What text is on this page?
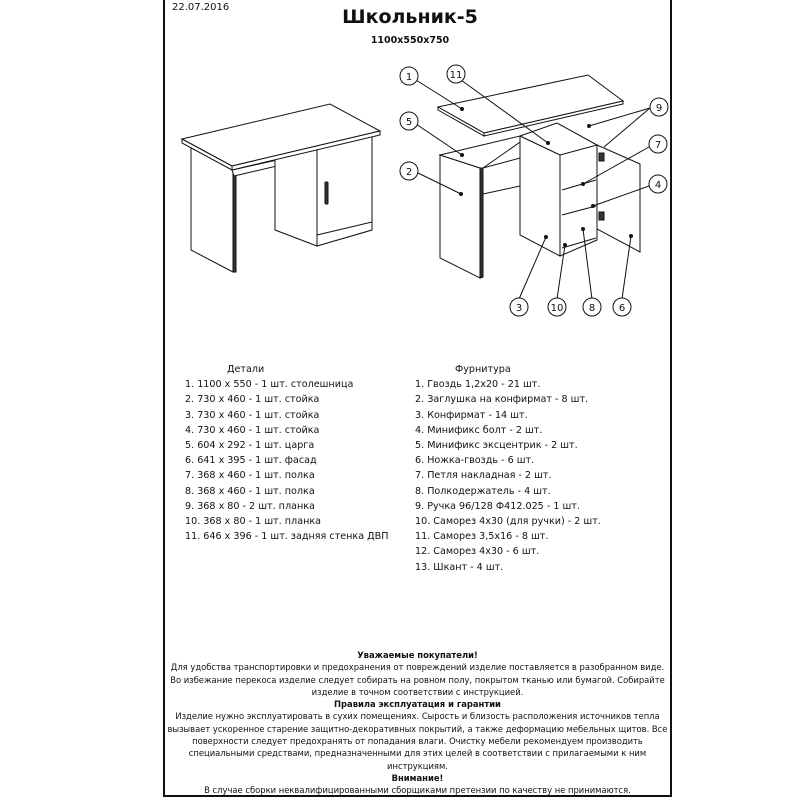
22.07.2016	Школьник-5
1100x550x750
1	11
9
5
7
2
4
3	10	8 6
Детали
1. 1100 x 550 - 1 шт. столешница
2. 730 x 460 - 1 шт. стойка
3. 730 x 460 - 1 шт. стойка
4. 730 x 460 - 1 шт. стойка
5. 604 x 292 - 1 шт. царга
6. 641 x 395 - 1 шт. фасад
7. 368 x 460 - 1 шт. полка
8. 368 x 460 - 1 шт. полка
9. 368 x 80 - 2 шт. планка
10. 368 x 80 - 1 шт. планка
11. 646 x 396 - 1 шт. задняя стенка ДВП
Фурнитура
1. Гвоздь 1,2x20 - 21 шт.
2. Заглушка на конфирмат - 8 шт.
3. Конфирмат - 14 шт.
4. Минификс болт - 2 шт.
5. Минификс эксцентрик - 2 шт.
6. Ножка-гвоздь - 6 шт.
7. Петля накладная - 2 шт.
8. Полкодержатель - 4 шт.
9. Ручка 96/128 Ф412.025 - 1 шт.
10. Саморез 4x30 (для ручки) - 2 шт.
11. Саморез 3,5x16 - 8 шт.
12. Саморез 4x30 - 6 шт.
13. Шкант - 4 шт.
Уважаемые покупатели!
Для удобства транспортировки и предохранения от повреждений изделие поставляется в разобранном виде. Во избежание перекоса изделие следует собирать на ровном полу, покрытом тканью или бумагой. Собирайте изделие в точном соответствии с инструкцией.
Правила эксплуатация и гарантии
Изделие нужно эксплуатировать в сухих помещениях. Сырость и близость расположения источников тепла вызывает ускоренное старение защитно-декоративных покрытий, а также деформацию мебельных щитов. Все поверхности следует предохранять от попадания влаги. Очистку мебели рекомендуем производить специальными средствами, предназначенными для этих целей в соответствии с прилагаемыми к ним инструкциям.
Внимание!
В случае сборки неквалифицированными сборщиками претензии по качеству не принимаются.
